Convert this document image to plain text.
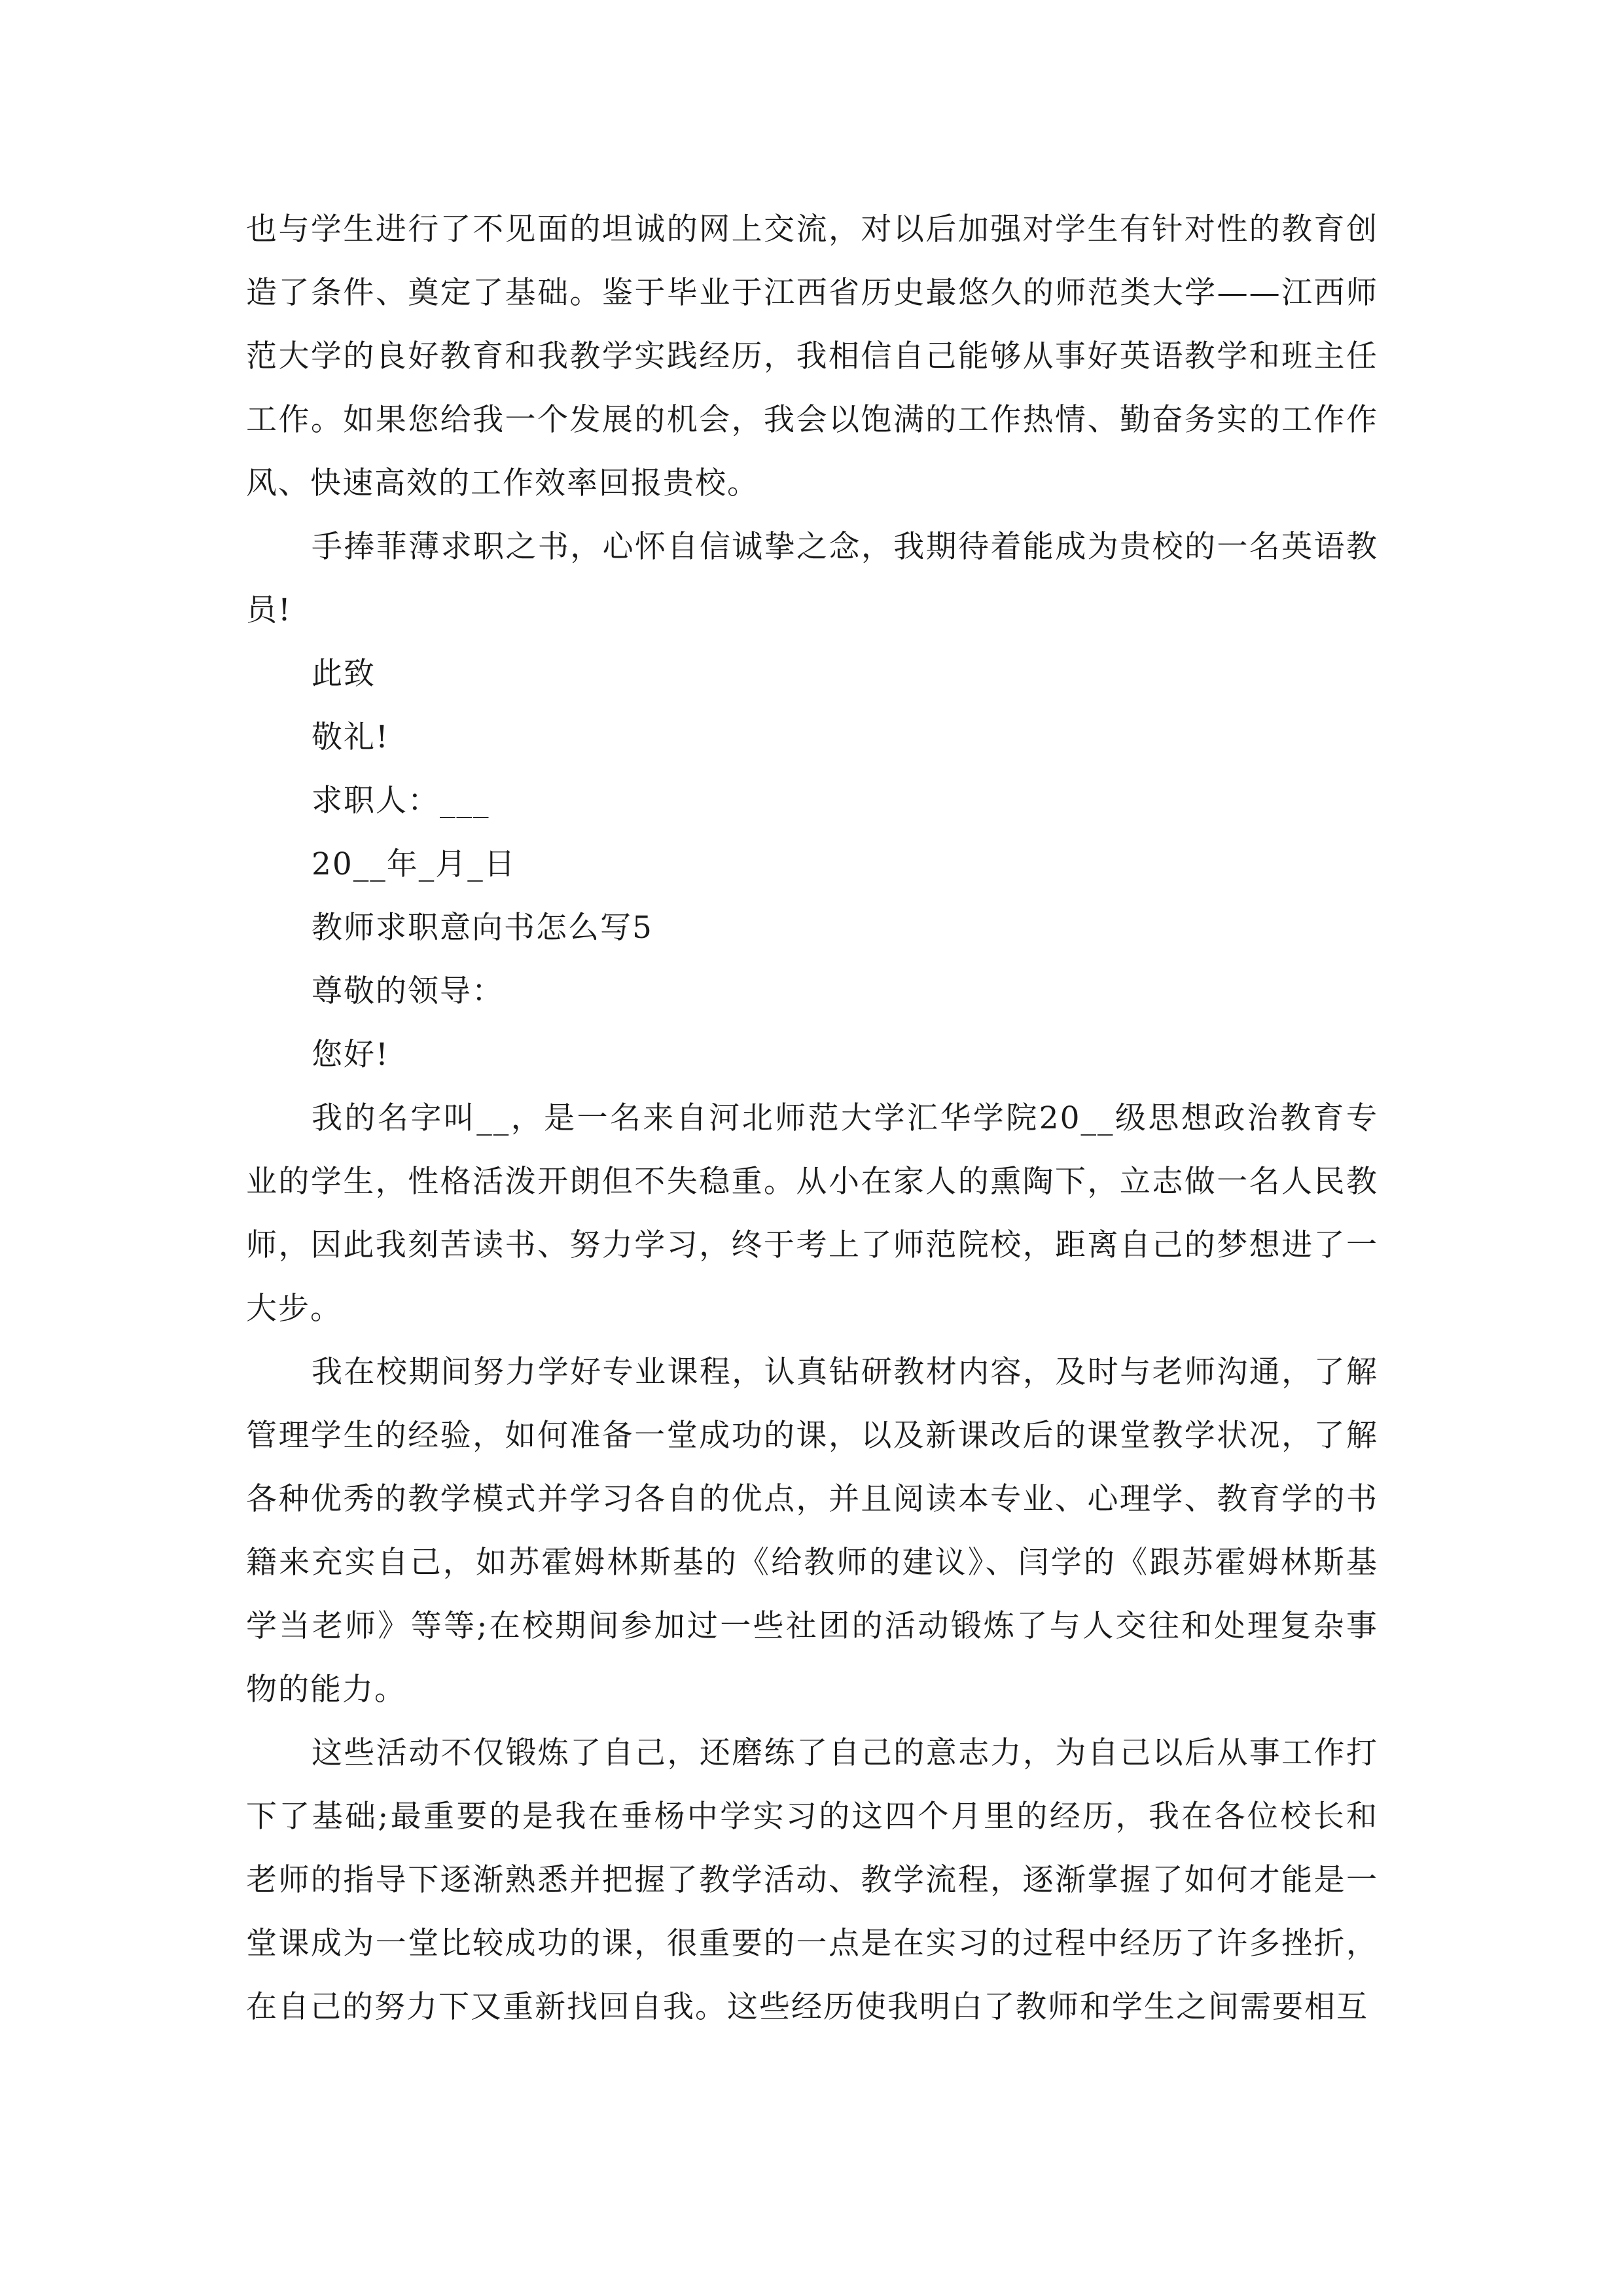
也与学生进行了不见面的坦诚的网上交流，对以后加强对学生有针对性的教育创造了条件、奠定了基础。鉴于毕业于江西省历史最悠久的师范类大学——江西师范大学的良好教育和我教学实践经历，我相信自己能够从事好英语教学和班主任工作。如果您给我一个发展的机会，我会以饱满的工作热情、勤奋务实的工作作风、快速高效的工作效率回报贵校。

手捧菲薄求职之书，心怀自信诚挚之念，我期待着能成为贵校的一名英语教员!

此致

敬礼!

求职人：___

20__年_月_日

教师求职意向书怎么写5

尊敬的领导：

您好!

我的名字叫__，是一名来自河北师范大学汇华学院20__级思想政治教育专业的学生，性格活泼开朗但不失稳重。从小在家人的熏陶下，立志做一名人民教师，因此我刻苦读书、努力学习，终于考上了师范院校，距离自己的梦想进了一大步。

我在校期间努力学好专业课程，认真钻研教材内容，及时与老师沟通，了解管理学生的经验，如何准备一堂成功的课，以及新课改后的课堂教学状况，了解各种优秀的教学模式并学习各自的优点，并且阅读本专业、心理学、教育学的书籍来充实自己，如苏霍姆林斯基的《给教师的建议》、闫学的《跟苏霍姆林斯基学当老师》等等;在校期间参加过一些社团的活动锻炼了与人交往和处理复杂事物的能力。

这些活动不仅锻炼了自己，还磨练了自己的意志力，为自己以后从事工作打下了基础;最重要的是我在垂杨中学实习的这四个月里的经历，我在各位校长和老师的指导下逐渐熟悉并把握了教学活动、教学流程，逐渐掌握了如何才能是一堂课成为一堂比较成功的课，很重要的一点是在实习的过程中经历了许多挫折，在自己的努力下又重新找回自我。这些经历使我明白了教师和学生之间需要相互
